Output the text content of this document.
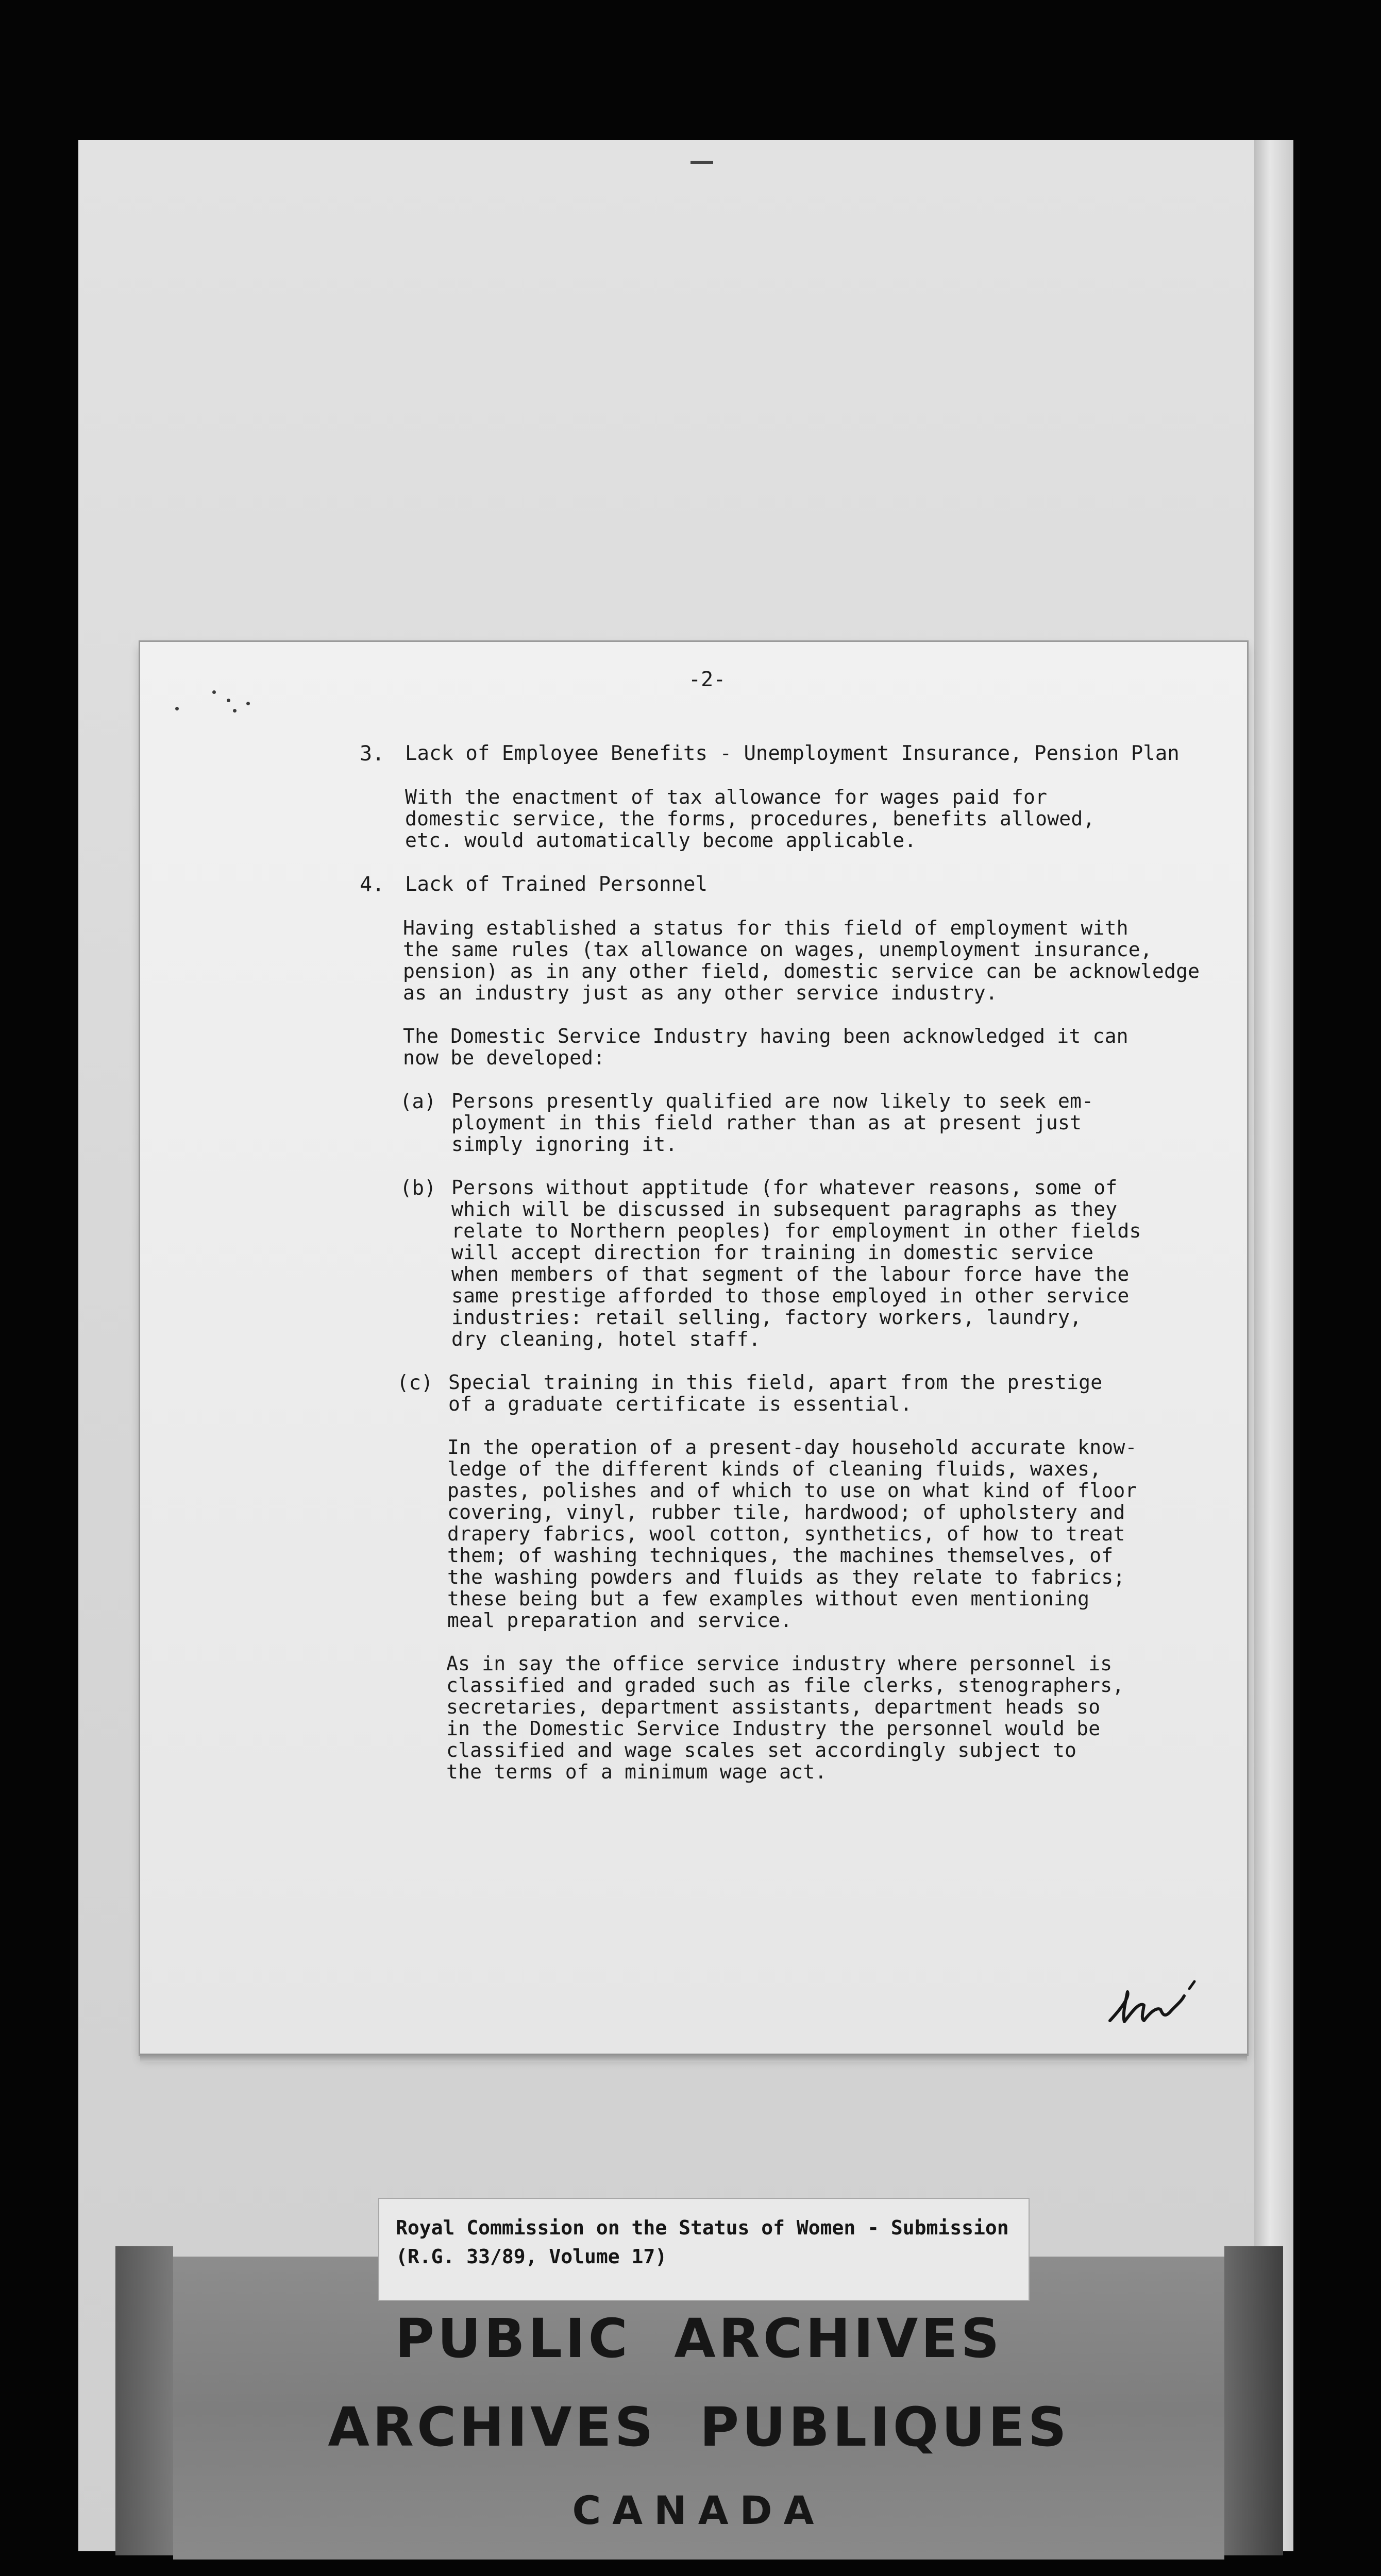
-2-
3. Lack of Employee Benefits - Unemployment Insurance, Pension Plan
With the enactment of tax allowance for wages paid for
domestic service, the forms, procedures, benefits allowed,
etc. would automatically become applicable.
4. Lack of Trained Personnel
Having established a status for this field of employment with
the same rules (tax allowance on wages, unemployment insurance,
pension) as in any other field, domestic service can be acknowledge
as an industry just as any other service industry.
The Domestic Service Industry having been acknowledged it can
now be developed:
(a) Persons presently qualified are now likely to seek em-
ployment in this field rather than as at present just
simply ignoring it.
(b) Persons without apptitude (for whatever reasons, some of
which will be discussed in subsequent paragraphs as they
relate to Northern peoples) for employment in other fields
will accept direction for training in domestic service
when members of that segment of the labour force have the
same prestige afforded to those employed in other service
industries: retail selling, factory workers, laundry,
dry cleaning, hotel staff.
(c) Special training in this field, apart from the prestige
of a graduate certificate is essential.
In the operation of a present-day household accurate know-
ledge of the different kinds of cleaning fluids, waxes,
pastes, polishes and of which to use on what kind of floor
covering, vinyl, rubber tile, hardwood; of upholstery and
drapery fabrics, wool cotton, synthetics, of how to treat
them; of washing techniques, the machines themselves, of
the washing powders and fluids as they relate to fabrics;
these being but a few examples without even mentioning
meal preparation and service.
As in say the office service industry where personnel is
classified and graded such as file clerks, stenographers,
secretaries, department assistants, department heads so
in the Domestic Service Industry the personnel would be
classified and wage scales set accordingly subject to
the terms of a minimum wage act.
Royal Commission on the Status of Women - Submission
(R.G. 33/89, Volume 17)
PUBLIC  ARCHIVES
ARCHIVES  PUBLIQUES
CANADA
